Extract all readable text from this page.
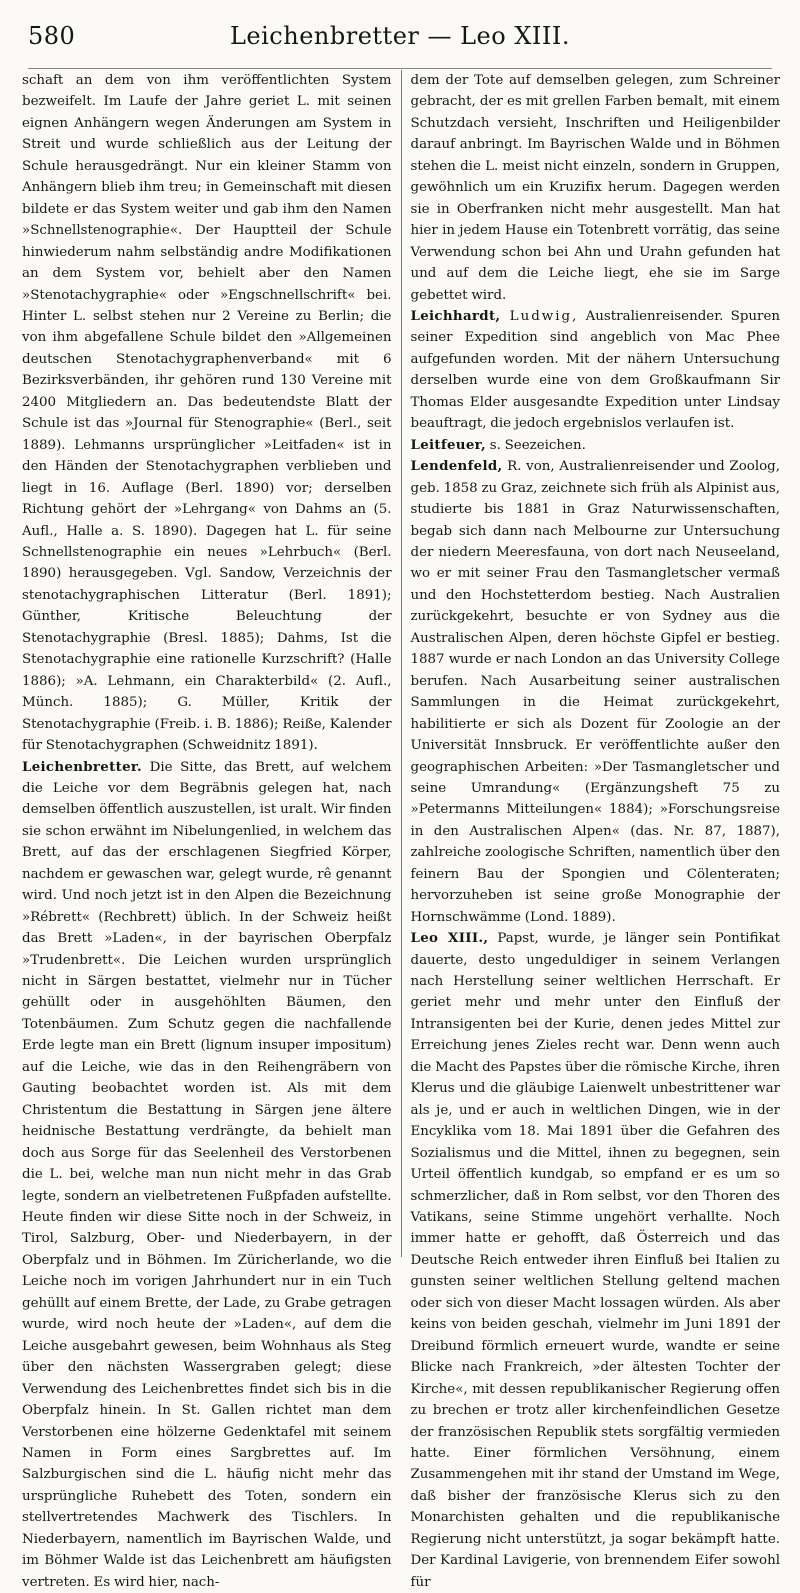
580	Leichenbretter — Leo XIII.

schaft an dem von ihm veröffentlichten System bezweifelt. Im Laufe der Jahre geriet L. mit seinen eignen Anhängern wegen Änderungen am System in Streit und wurde schließlich aus der Leitung der Schule herausgedrängt. Nur ein kleiner Stamm von Anhängern blieb ihm treu; in Gemeinschaft mit diesen bildete er das System weiter und gab ihm den Namen »Schnellstenographie«. Der Hauptteil der Schule hinwiederum nahm selbständig andre Modifikationen an dem System vor, behielt aber den Namen »Stenotachygraphie« oder »Engschnellschrift« bei. Hinter L. selbst stehen nur 2 Vereine zu Berlin; die von ihm abgefallene Schule bildet den »Allgemeinen deutschen Stenotachygraphenverband« mit 6 Bezirksverbänden, ihr gehören rund 130 Vereine mit 2400 Mitgliedern an. Das bedeutendste Blatt der Schule ist das »Journal für Stenographie« (Berl., seit 1889). Lehmanns ursprünglicher »Leitfaden« ist in den Händen der Stenotachygraphen verblieben und liegt in 16. Auflage (Berl. 1890) vor; derselben Richtung gehört der »Lehrgang« von Dahms an (5. Aufl., Halle a. S. 1890). Dagegen hat L. für seine Schnellstenographie ein neues »Lehrbuch« (Berl. 1890) herausgegeben. Vgl. Sandow, Verzeichnis der stenotachygraphischen Litteratur (Berl. 1891); Günther, Kritische Beleuchtung der Stenotachygraphie (Bresl. 1885); Dahms, Ist die Stenotachygraphie eine rationelle Kurzschrift? (Halle 1886); »A. Lehmann, ein Charakterbild« (2. Aufl., Münch. 1885); G. Müller, Kritik der Stenotachygraphie (Freib. i. B. 1886); Reiße, Kalender für Stenotachygraphen (Schweidnitz 1891).

Leichenbretter. Die Sitte, das Brett, auf welchem die Leiche vor dem Begräbnis gelegen hat, nach demselben öffentlich auszustellen, ist uralt. Wir finden sie schon erwähnt im Nibelungenlied, in welchem das Brett, auf das der erschlagenen Siegfried Körper, nachdem er gewaschen war, gelegt wurde, rê genannt wird. Und noch jetzt ist in den Alpen die Bezeichnung »Rébrett« (Rechbrett) üblich. In der Schweiz heißt das Brett »Laden«, in der bayrischen Oberpfalz »Trudenbrett«. Die Leichen wurden ursprünglich nicht in Särgen bestattet, vielmehr nur in Tücher gehüllt oder in ausgehöhlten Bäumen, den Totenbäumen. Zum Schutz gegen die nachfallende Erde legte man ein Brett (lignum insuper impositum) auf die Leiche, wie das in den Reihengräbern von Gauting beobachtet worden ist. Als mit dem Christentum die Bestattung in Särgen jene ältere heidnische Bestattung verdrängte, da behielt man doch aus Sorge für das Seelenheil des Verstorbenen die L. bei, welche man nun nicht mehr in das Grab legte, sondern an vielbetretenen Fußpfaden aufstellte. Heute finden wir diese Sitte noch in der Schweiz, in Tirol, Salzburg, Ober- und Niederbayern, in der Oberpfalz und in Böhmen. Im Züricherlande, wo die Leiche noch im vorigen Jahrhundert nur in ein Tuch gehüllt auf einem Brette, der Lade, zu Grabe getragen wurde, wird noch heute der »Laden«, auf dem die Leiche ausgebahrt gewesen, beim Wohnhaus als Steg über den nächsten Wassergraben gelegt; diese Verwendung des Leichenbrettes findet sich bis in die Oberpfalz hinein. In St. Gallen richtet man dem Verstorbenen eine hölzerne Gedenktafel mit seinem Namen in Form eines Sargbrettes auf. Im Salzburgischen sind die L. häufig nicht mehr das ursprüngliche Ruhebett des Toten, sondern ein stellvertretendes Machwerk des Tischlers. In Niederbayern, namentlich im Bayrischen Walde, und im Böhmer Walde ist das Leichenbrett am häufigsten vertreten. Es wird hier, nach-

dem der Tote auf demselben gelegen, zum Schreiner gebracht, der es mit grellen Farben bemalt, mit einem Schutzdach versieht, Inschriften und Heiligenbilder darauf anbringt. Im Bayrischen Walde und in Böhmen stehen die L. meist nicht einzeln, sondern in Gruppen, gewöhnlich um ein Kruzifix herum. Dagegen werden sie in Oberfranken nicht mehr ausgestellt. Man hat hier in jedem Hause ein Totenbrett vorrätig, das seine Verwendung schon bei Ahn und Urahn gefunden hat und auf dem die Leiche liegt, ehe sie im Sarge gebettet wird.

Leichhardt, Ludwig, Australienreisender. Spuren seiner Expedition sind angeblich von Mac Phee aufgefunden worden. Mit der nähern Untersuchung derselben wurde eine von dem Großkaufmann Sir Thomas Elder ausgesandte Expedition unter Lindsay beauftragt, die jedoch ergebnislos verlaufen ist.

Leitfeuer, s. Seezeichen.

Lendenfeld, R. von, Australienreisender und Zoolog, geb. 1858 zu Graz, zeichnete sich früh als Alpinist aus, studierte bis 1881 in Graz Naturwissenschaften, begab sich dann nach Melbourne zur Untersuchung der niedern Meeresfauna, von dort nach Neuseeland, wo er mit seiner Frau den Tasmangletscher vermaß und den Hochstetterdom bestieg. Nach Australien zurückgekehrt, besuchte er von Sydney aus die Australischen Alpen, deren höchste Gipfel er bestieg. 1887 wurde er nach London an das University College berufen. Nach Ausarbeitung seiner australischen Sammlungen in die Heimat zurückgekehrt, habilitierte er sich als Dozent für Zoologie an der Universität Innsbruck. Er veröffentlichte außer den geographischen Arbeiten: »Der Tasmangletscher und seine Umrandung« (Ergänzungsheft 75 zu »Petermanns Mitteilungen« 1884); »Forschungsreise in den Australischen Alpen« (das. Nr. 87, 1887), zahlreiche zoologische Schriften, namentlich über den feinern Bau der Spongien und Cölenteraten; hervorzuheben ist seine große Monographie der Hornschwämme (Lond. 1889).

Leo XIII., Papst, wurde, je länger sein Pontifikat dauerte, desto ungeduldiger in seinem Verlangen nach Herstellung seiner weltlichen Herrschaft. Er geriet mehr und mehr unter den Einfluß der Intransigenten bei der Kurie, denen jedes Mittel zur Erreichung jenes Zieles recht war. Denn wenn auch die Macht des Papstes über die römische Kirche, ihren Klerus und die gläubige Laienwelt unbestrittener war als je, und er auch in weltlichen Dingen, wie in der Encyklika vom 18. Mai 1891 über die Gefahren des Sozialismus und die Mittel, ihnen zu begegnen, sein Urteil öffentlich kundgab, so empfand er es um so schmerzlicher, daß in Rom selbst, vor den Thoren des Vatikans, seine Stimme ungehört verhallte. Noch immer hatte er gehofft, daß Österreich und das Deutsche Reich entweder ihren Einfluß bei Italien zu gunsten seiner weltlichen Stellung geltend machen oder sich von dieser Macht lossagen würden. Als aber keins von beiden geschah, vielmehr im Juni 1891 der Dreibund förmlich erneuert wurde, wandte er seine Blicke nach Frankreich, »der ältesten Tochter der Kirche«, mit dessen republikanischer Regierung offen zu brechen er trotz aller kirchenfeindlichen Gesetze der französischen Republik stets sorgfältig vermieden hatte. Einer förmlichen Versöhnung, einem Zusammengehen mit ihr stand der Umstand im Wege, daß bisher der französische Klerus sich zu den Monarchisten gehalten und die republikanische Regierung nicht unterstützt, ja sogar bekämpft hatte. Der Kardinal Lavigerie, von brennendem Eifer sowohl für
